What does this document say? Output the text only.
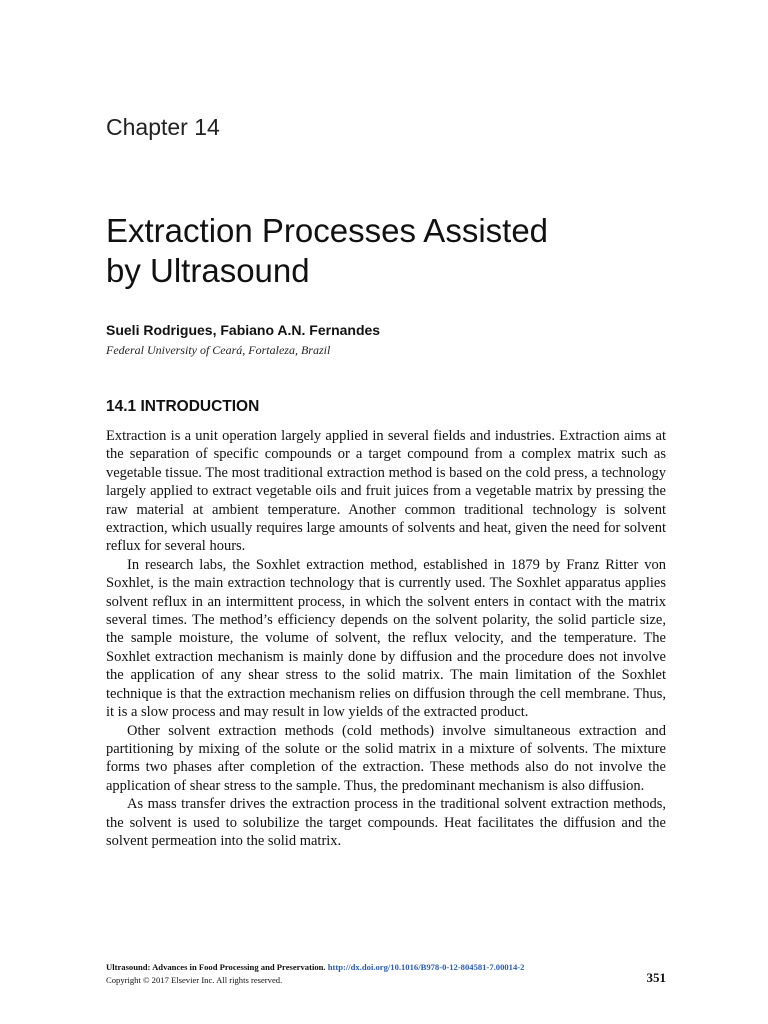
Chapter 14
Extraction Processes Assisted
by Ultrasound
Sueli Rodrigues, Fabiano A.N. Fernandes
Federal University of Ceará, Fortaleza, Brazil
14.1 INTRODUCTION

Extraction is a unit operation largely applied in several fields and industries. Extraction aims at the separation of specific compounds or a target compound from a complex matrix such as vegetable tissue. The most traditional extraction method is based on the cold press, a technology largely applied to extract vegetable oils and fruit juices from a vegetable matrix by pressing the raw material at ambient temperature. Another common traditional technology is solvent extraction, which usually requires large amounts of solvents and heat, given the need for solvent reflux for several hours.

In research labs, the Soxhlet extraction method, established in 1879 by Franz Ritter von Soxhlet, is the main extraction technology that is currently used. The Soxhlet apparatus applies solvent reflux in an intermittent process, in which the solvent enters in contact with the matrix several times. The method’s efficiency depends on the solvent polarity, the solid particle size, the sample moisture, the volume of solvent, the reflux velocity, and the temperature. The Soxhlet extraction mechanism is mainly done by diffusion and the procedure does not involve the application of any shear stress to the solid matrix. The main limitation of the Soxhlet technique is that the extraction mechanism relies on diffusion through the cell membrane. Thus, it is a slow process and may result in low yields of the extracted product.

Other solvent extraction methods (cold methods) involve simultaneous extraction and partitioning by mixing of the solute or the solid matrix in a mixture of solvents. The mixture forms two phases after completion of the extraction. These methods also do not involve the application of shear stress to the sample. Thus, the predominant mechanism is also diffusion.

As mass transfer drives the extraction process in the traditional solvent extraction methods, the solvent is used to solubilize the target compounds. Heat facilitates the diffusion and the solvent permeation into the solid matrix.

Ultrasound: Advances in Food Processing and Preservation. http://dx.doi.org/10.1016/B978-0-12-804581-7.00014-2
Copyright © 2017 Elsevier Inc. All rights reserved.	351
